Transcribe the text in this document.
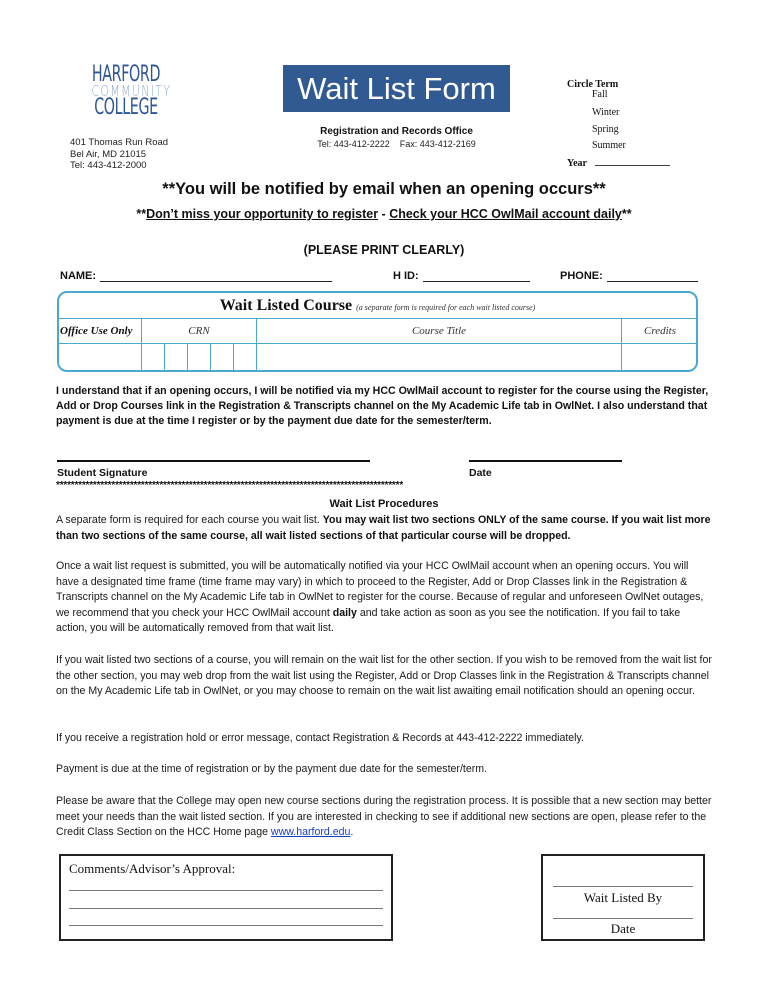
HARFORD
COMMUNITY
COLLEGE
401 Thomas Run Road
Bel Air, MD 21015
Tel: 443-412-2000
Wait List Form
Registration and Records Office
Tel: 443-412-2222    Fax: 443-412-2169
Circle Term
Fall
Winter
Spring
Summer
Year
**You will be notified by email when an opening occurs**
**Don’t miss your opportunity to register - Check your HCC OwlMail account daily**
(PLEASE PRINT CLEARLY)
NAME:	H ID:	PHONE:
Wait Listed Course (a separate form is required for each wait listed course)
Office Use Only	CRN	Course Title	Credits
I understand that if an opening occurs, I will be notified via my HCC OwlMail account to register for the course using the Register, Add or Drop Courses link in the Registration & Transcripts channel on the My Academic Life tab in OwlNet. I also understand that payment is due at the time I register or by the payment due date for the semester/term.
Student Signature	Date
**********************************************************************************************
Wait List Procedures
A separate form is required for each course you wait list. You may wait list two sections ONLY of the same course. If you wait list more than two sections of the same course, all wait listed sections of that particular course will be dropped.
Once a wait list request is submitted, you will be automatically notified via your HCC OwlMail account when an opening occurs. You will have a designated time frame (time frame may vary) in which to proceed to the Register, Add or Drop Classes link in the Registration & Transcripts channel on the My Academic Life tab in OwlNet to register for the course. Because of regular and unforeseen OwlNet outages, we recommend that you check your HCC OwlMail account daily and take action as soon as you see the notification. If you fail to take action, you will be automatically removed from that wait list.
If you wait listed two sections of a course, you will remain on the wait list for the other section. If you wish to be removed from the wait list for the other section, you may web drop from the wait list using the Register, Add or Drop Classes link in the Registration & Transcripts channel on the My Academic Life tab in OwlNet, or you may choose to remain on the wait list awaiting email notification should an opening occur.
If you receive a registration hold or error message, contact Registration & Records at 443-412-2222 immediately.
Payment is due at the time of registration or by the payment due date for the semester/term.
Please be aware that the College may open new course sections during the registration process. It is possible that a new section may better meet your needs than the wait listed section. If you are interested in checking to see if additional new sections are open, please refer to the Credit Class Section on the HCC Home page www.harford.edu.
Comments/Advisor’s Approval:
Wait Listed By
Date
